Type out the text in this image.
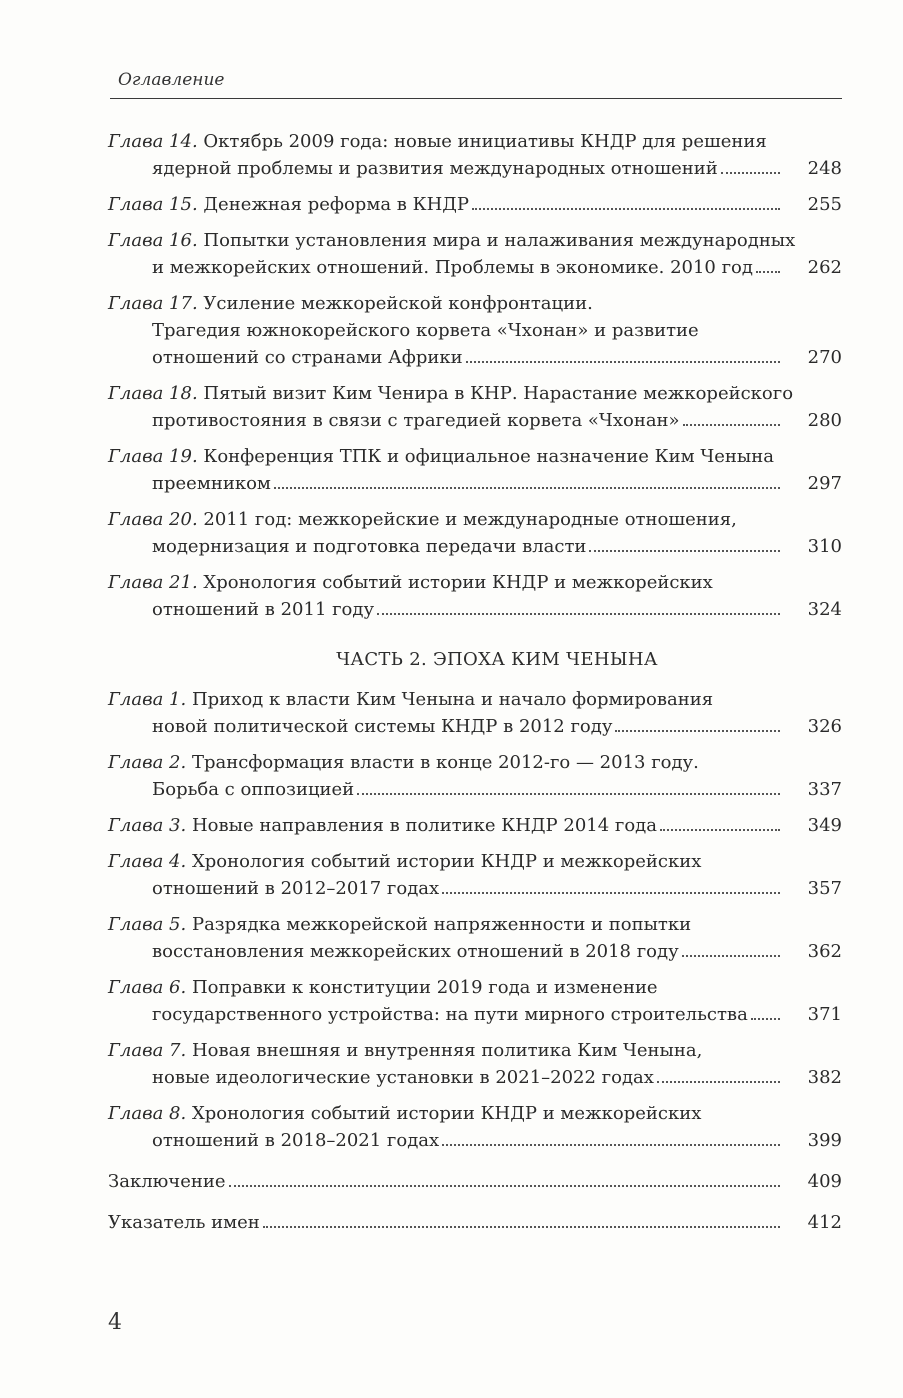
Оглавление
Глава 14. Октябрь 2009 года: новые инициативы КНДР для решения
ядерной проблемы и развития международных отношений	248
Глава 15. Денежная реформа в КНДР	255
Глава 16. Попытки установления мира и налаживания международных
и межкорейских отношений. Проблемы в экономике. 2010 год	262
Глава 17. Усиление межкорейской конфронтации.
Трагедия южнокорейского корвета «Чхонан» и развитие
отношений со странами Африки	270
Глава 18. Пятый визит Ким Ченира в КНР. Нарастание межкорейского
противостояния в связи с трагедией корвета «Чхонан»	280
Глава 19. Конференция ТПК и официальное назначение Ким Ченына
преемником	297
Глава 20. 2011 год: межкорейские и международные отношения,
модернизация и подготовка передачи власти	310
Глава 21. Хронология событий истории КНДР и межкорейских
отношений в 2011 году	324
ЧАСТЬ 2. ЭПОХА КИМ ЧЕНЫНА
Глава 1. Приход к власти Ким Ченына и начало формирования
новой политической системы КНДР в 2012 году	326
Глава 2. Трансформация власти в конце 2012-го — 2013 году.
Борьба с оппозицией	337
Глава 3. Новые направления в политике КНДР 2014 года	349
Глава 4. Хронология событий истории КНДР и межкорейских
отношений в 2012–2017 годах	357
Глава 5. Разрядка межкорейской напряженности и попытки
восстановления межкорейских отношений в 2018 году	362
Глава 6. Поправки к конституции 2019 года и изменение
государственного устройства: на пути мирного строительства	371
Глава 7. Новая внешняя и внутренняя политика Ким Ченына,
новые идеологические установки в 2021–2022 годах	382
Глава 8. Хронология событий истории КНДР и межкорейских
отношений в 2018–2021 годах	399
Заключение	409
Указатель имен	412
4
